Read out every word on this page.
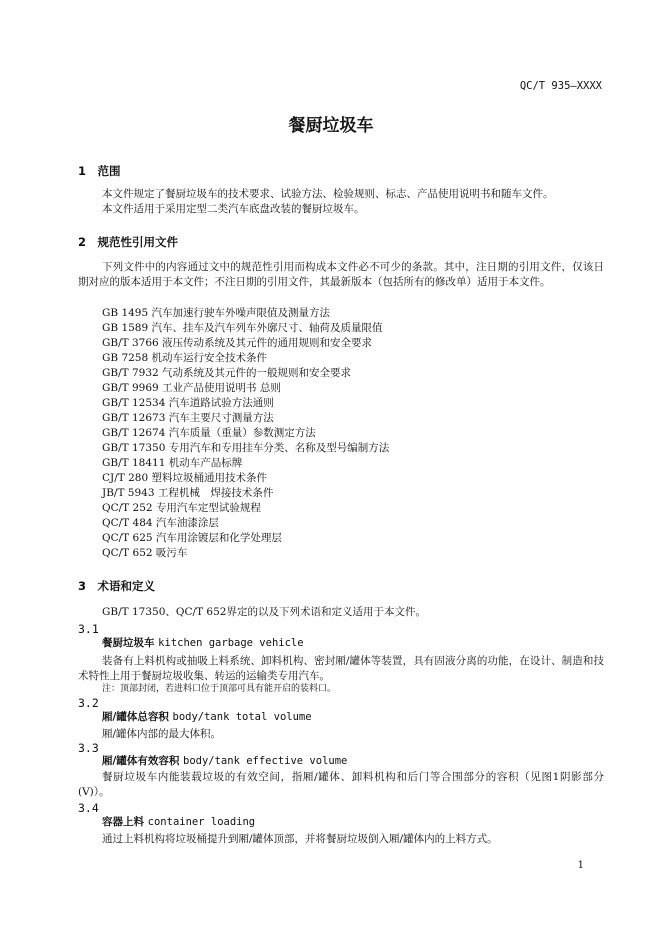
QC/T 935—XXXX
餐厨垃圾车
1　范围
本文件规定了餐厨垃圾车的技术要求、试验方法、检验规则、标志、产品使用说明书和随车文件。
本文件适用于采用定型二类汽车底盘改装的餐厨垃圾车。
2　规范性引用文件
下列文件中的内容通过文中的规范性引用而构成本文件必不可少的条款。其中，注日期的引用文件，仅该日期对应的版本适用于本文件；不注日期的引用文件，其最新版本（包括所有的修改单）适用于本文件。
GB 1495 汽车加速行驶车外噪声限值及测量方法
GB 1589 汽车、挂车及汽车列车外廓尺寸、轴荷及质量限值
GB/T 3766 液压传动系统及其元件的通用规则和安全要求
GB 7258 机动车运行安全技术条件
GB/T 7932 气动系统及其元件的一般规则和安全要求
GB/T 9969 工业产品使用说明书 总则
GB/T 12534 汽车道路试验方法通则
GB/T 12673 汽车主要尺寸测量方法
GB/T 12674 汽车质量（重量）参数测定方法
GB/T 17350 专用汽车和专用挂车分类、名称及型号编制方法
GB/T 18411 机动车产品标牌
CJ/T 280 塑料垃圾桶通用技术条件
JB/T 5943 工程机械　焊接技术条件
QC/T 252 专用汽车定型试验规程
QC/T 484 汽车油漆涂层
QC/T 625 汽车用涂镀层和化学处理层
QC/T 652 吸污车
3　术语和定义
GB/T 17350、QC/T 652界定的以及下列术语和定义适用于本文件。
3.1
餐厨垃圾车 kitchen garbage vehicle
装备有上料机构或抽吸上料系统、卸料机构、密封厢/罐体等装置，具有固液分离的功能，在设计、制造和技术特性上用于餐厨垃圾收集、转运的运输类专用汽车。
注：顶部封闭，若进料口位于顶部可具有能开启的装料口。
3.2
厢/罐体总容积 body/tank total volume
厢/罐体内部的最大体积。
3.3
厢/罐体有效容积 body/tank effective volume
餐厨垃圾车内能装载垃圾的有效空间，指厢/罐体、卸料机构和后门等合围部分的容积（见图1阴影部分(V)）。
3.4
容器上料 container loading
通过上料机构将垃圾桶提升到厢/罐体顶部，并将餐厨垃圾倒入厢/罐体内的上料方式。
1
